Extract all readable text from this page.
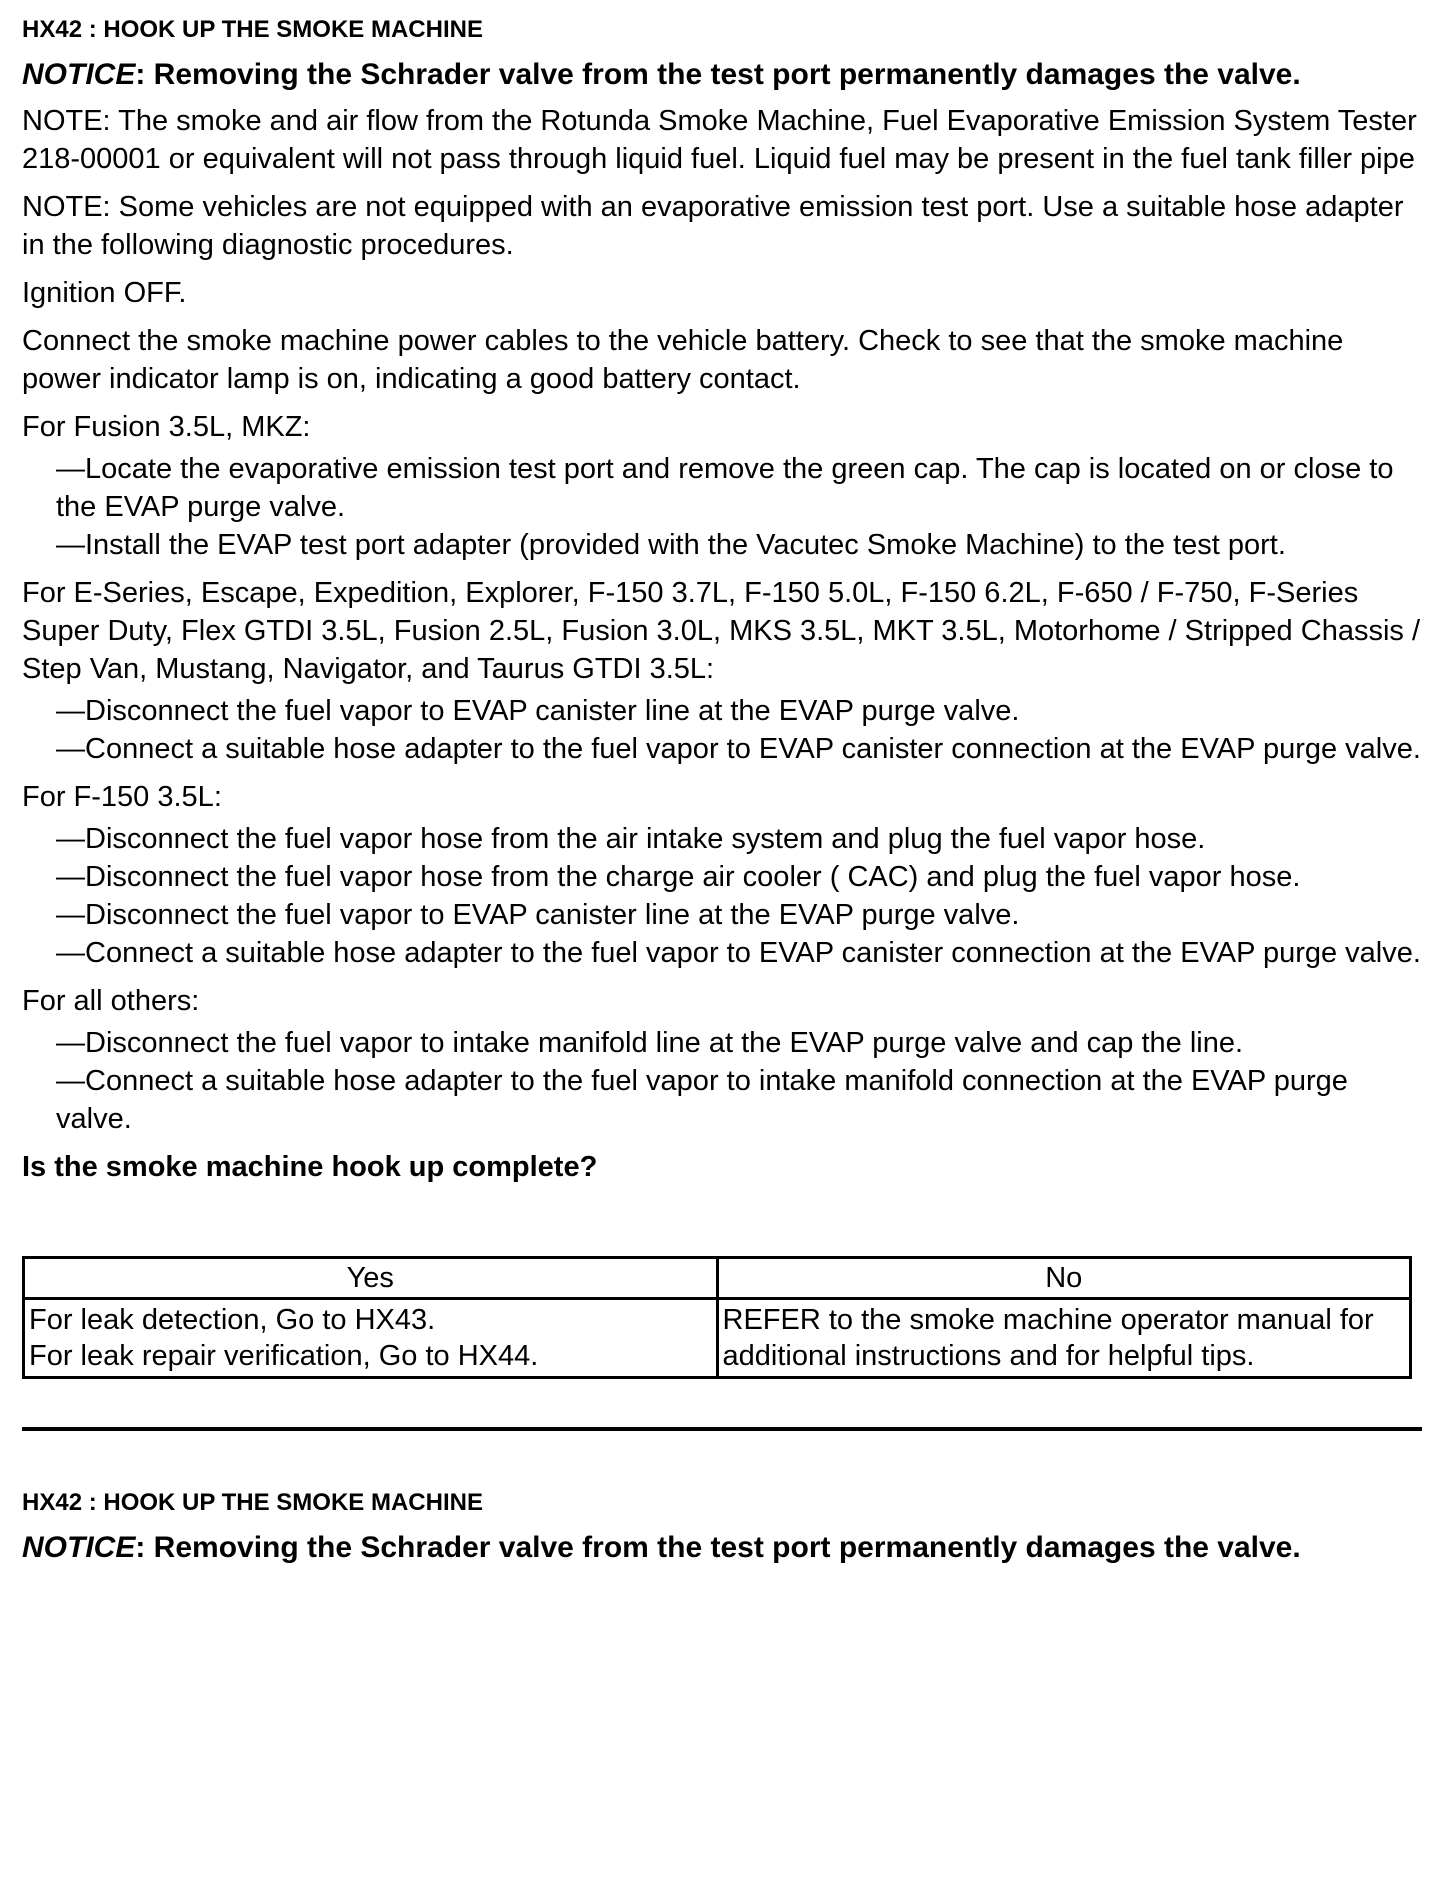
HX42 : HOOK UP THE SMOKE MACHINE
NOTICE: Removing the Schrader valve from the test port permanently damages the valve.
NOTE: The smoke and air flow from the Rotunda Smoke Machine, Fuel Evaporative Emission System Tester 218-00001 or equivalent will not pass through liquid fuel. Liquid fuel may be present in the fuel tank filler pipe
NOTE: Some vehicles are not equipped with an evaporative emission test port. Use a suitable hose adapter in the following diagnostic procedures.
Ignition OFF.
Connect the smoke machine power cables to the vehicle battery. Check to see that the smoke machine power indicator lamp is on, indicating a good battery contact.
For Fusion 3.5L, MKZ:
—Locate the evaporative emission test port and remove the green cap. The cap is located on or close to the EVAP purge valve.
—Install the EVAP test port adapter (provided with the Vacutec Smoke Machine) to the test port.
For E-Series, Escape, Expedition, Explorer, F-150 3.7L, F-150 5.0L, F-150 6.2L, F-650 / F-750, F-Series Super Duty, Flex GTDI 3.5L, Fusion 2.5L, Fusion 3.0L, MKS 3.5L, MKT 3.5L, Motorhome / Stripped Chassis / Step Van, Mustang, Navigator, and Taurus GTDI 3.5L:
—Disconnect the fuel vapor to EVAP canister line at the EVAP purge valve.
—Connect a suitable hose adapter to the fuel vapor to EVAP canister connection at the EVAP purge valve.
For F-150 3.5L:
—Disconnect the fuel vapor hose from the air intake system and plug the fuel vapor hose.
—Disconnect the fuel vapor hose from the charge air cooler ( CAC) and plug the fuel vapor hose.
—Disconnect the fuel vapor to EVAP canister line at the EVAP purge valve.
—Connect a suitable hose adapter to the fuel vapor to EVAP canister connection at the EVAP purge valve.
For all others:
—Disconnect the fuel vapor to intake manifold line at the EVAP purge valve and cap the line.
—Connect a suitable hose adapter to the fuel vapor to intake manifold connection at the EVAP purge valve.
Is the smoke machine hook up complete?
Yes	No

For leak detection, Go to HX43.
For leak repair verification, Go to HX44.	REFER to the smoke machine operator manual for additional instructions and for helpful tips.
HX42 : HOOK UP THE SMOKE MACHINE
NOTICE: Removing the Schrader valve from the test port permanently damages the valve.
